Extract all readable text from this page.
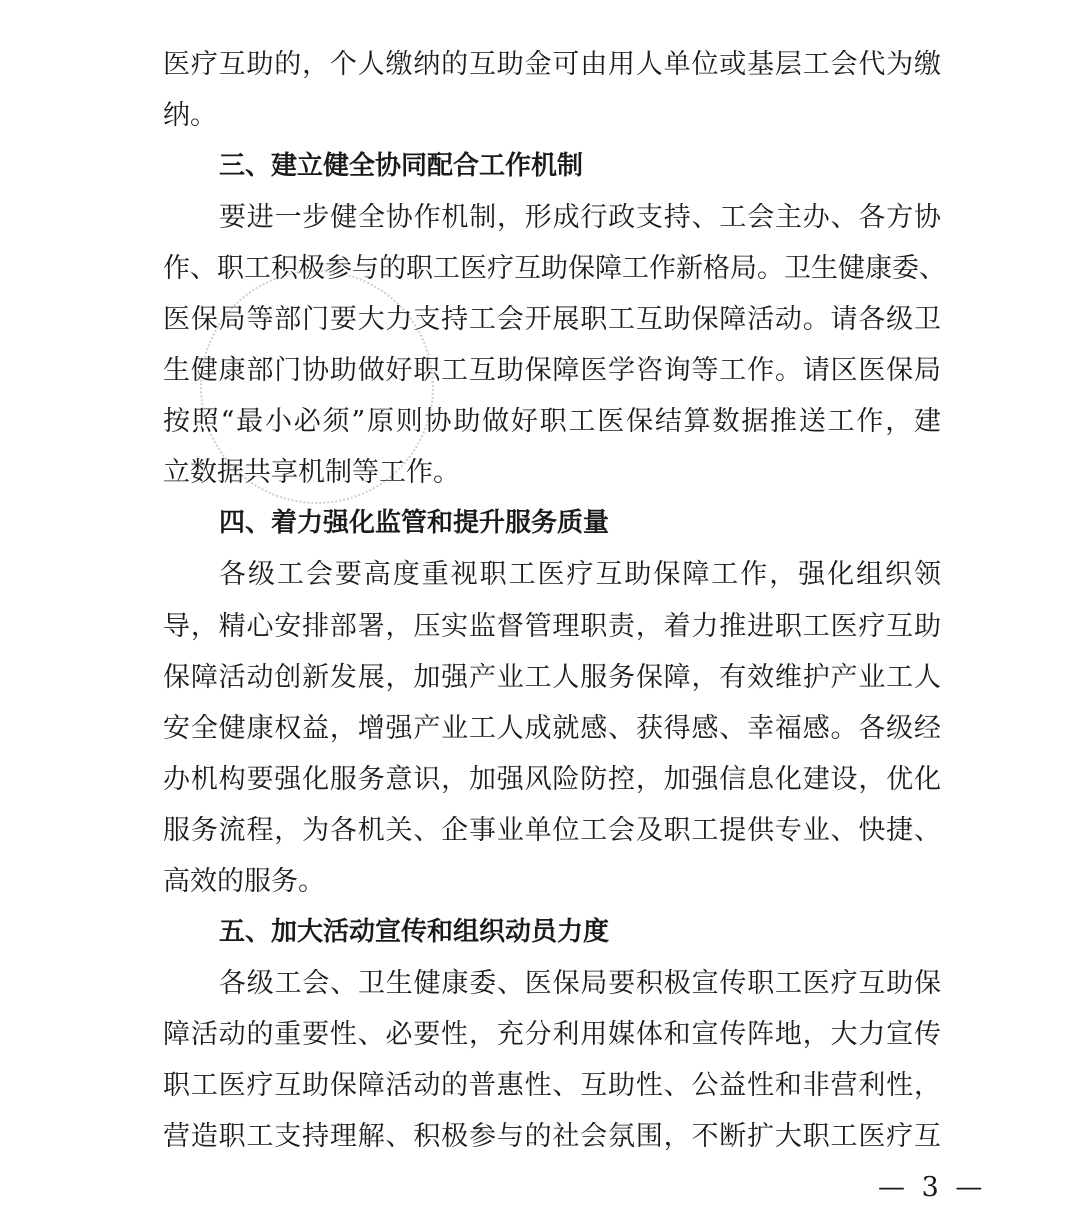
医疗互助的，个人缴纳的互助金可由用人单位或基层工会代为缴
纳。
三、建立健全协同配合工作机制
要进一步健全协作机制，形成行政支持、工会主办、各方协
作、职工积极参与的职工医疗互助保障工作新格局。卫生健康委、
医保局等部门要大力支持工会开展职工互助保障活动。请各级卫
生健康部门协助做好职工互助保障医学咨询等工作。请区医保局
按照“最小必须”原则协助做好职工医保结算数据推送工作，建
立数据共享机制等工作。
四、着力强化监管和提升服务质量
各级工会要高度重视职工医疗互助保障工作，强化组织领
导，精心安排部署，压实监督管理职责，着力推进职工医疗互助
保障活动创新发展，加强产业工人服务保障，有效维护产业工人
安全健康权益，增强产业工人成就感、获得感、幸福感。各级经
办机构要强化服务意识，加强风险防控，加强信息化建设，优化
服务流程，为各机关、企事业单位工会及职工提供专业、快捷、
高效的服务。
五、加大活动宣传和组织动员力度
各级工会、卫生健康委、医保局要积极宣传职工医疗互助保
障活动的重要性、必要性，充分利用媒体和宣传阵地，大力宣传
职工医疗互助保障活动的普惠性、互助性、公益性和非营利性，
营造职工支持理解、积极参与的社会氛围，不断扩大职工医疗互
— 3 —
